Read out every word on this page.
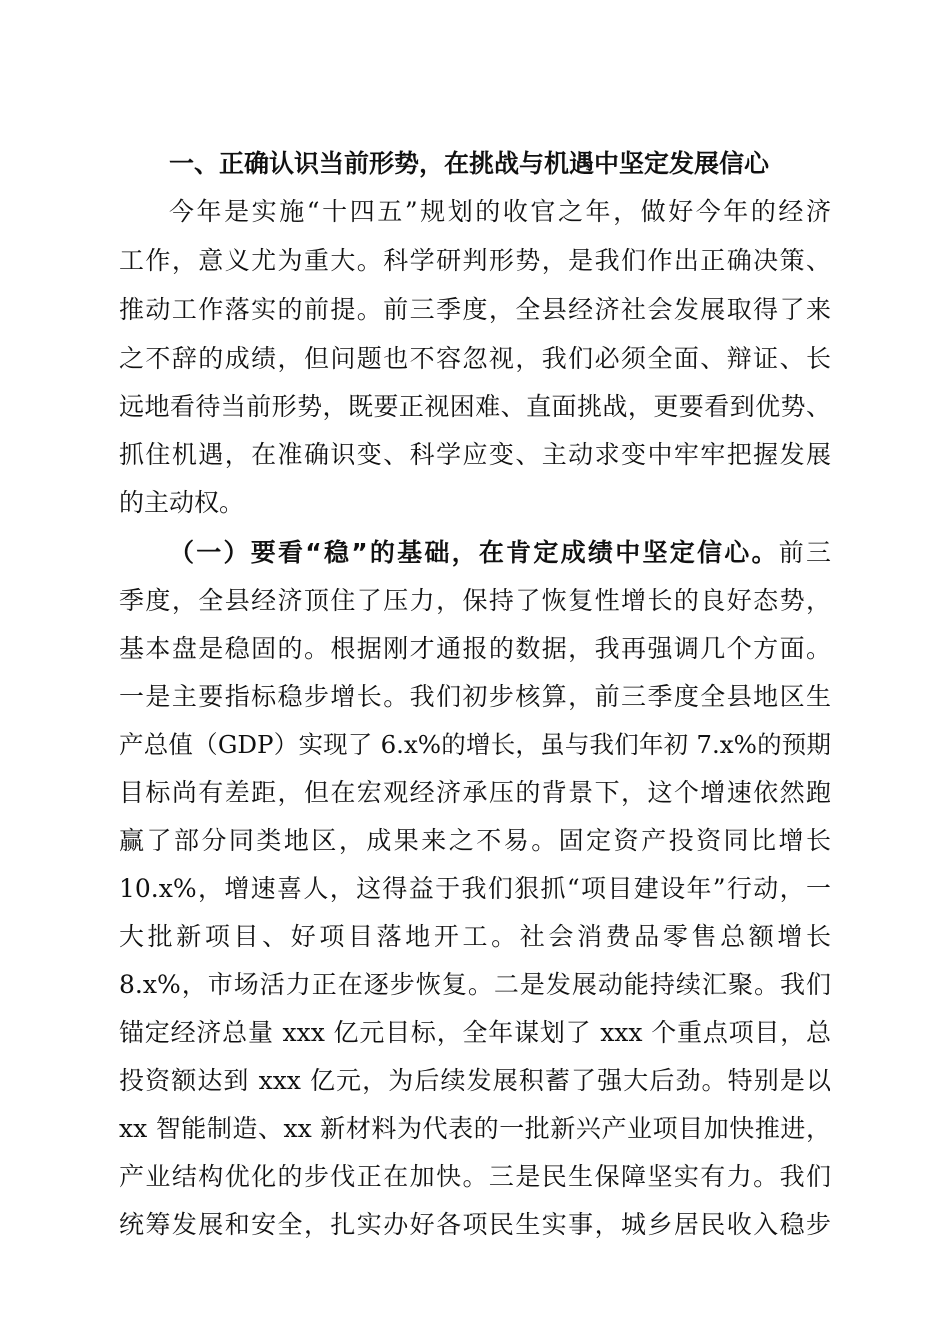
一、正确认识当前形势，在挑战与机遇中坚定发展信心
今年是实施“十四五”规划的收官之年，做好今年的经济
工作，意义尤为重大。科学研判形势，是我们作出正确决策、
推动工作落实的前提。前三季度，全县经济社会发展取得了来
之不辞的成绩，但问题也不容忽视，我们必须全面、辩证、长
远地看待当前形势，既要正视困难、直面挑战，更要看到优势、
抓住机遇，在准确识变、科学应变、主动求变中牢牢把握发展
的主动权。
（一）要看“稳”的基础，在肯定成绩中坚定信心。前三
季度，全县经济顶住了压力，保持了恢复性增长的良好态势，
基本盘是稳固的。根据刚才通报的数据，我再强调几个方面。
一是主要指标稳步增长。我们初步核算，前三季度全县地区生
产总值（GDP）实现了 6.x%的增长，虽与我们年初 7.x%的预期
目标尚有差距，但在宏观经济承压的背景下，这个增速依然跑
赢了部分同类地区，成果来之不易。固定资产投资同比增长
10.x%，增速喜人，这得益于我们狠抓“项目建设年”行动，一
大批新项目、好项目落地开工。社会消费品零售总额增长
8.x%，市场活力正在逐步恢复。二是发展动能持续汇聚。我们
锚定经济总量 xxx 亿元目标，全年谋划了 xxx 个重点项目，总
投资额达到 xxx 亿元，为后续发展积蓄了强大后劲。特别是以
xx 智能制造、xx 新材料为代表的一批新兴产业项目加快推进，
产业结构优化的步伐正在加快。三是民生保障坚实有力。我们
统筹发展和安全，扎实办好各项民生实事，城乡居民收入稳步
